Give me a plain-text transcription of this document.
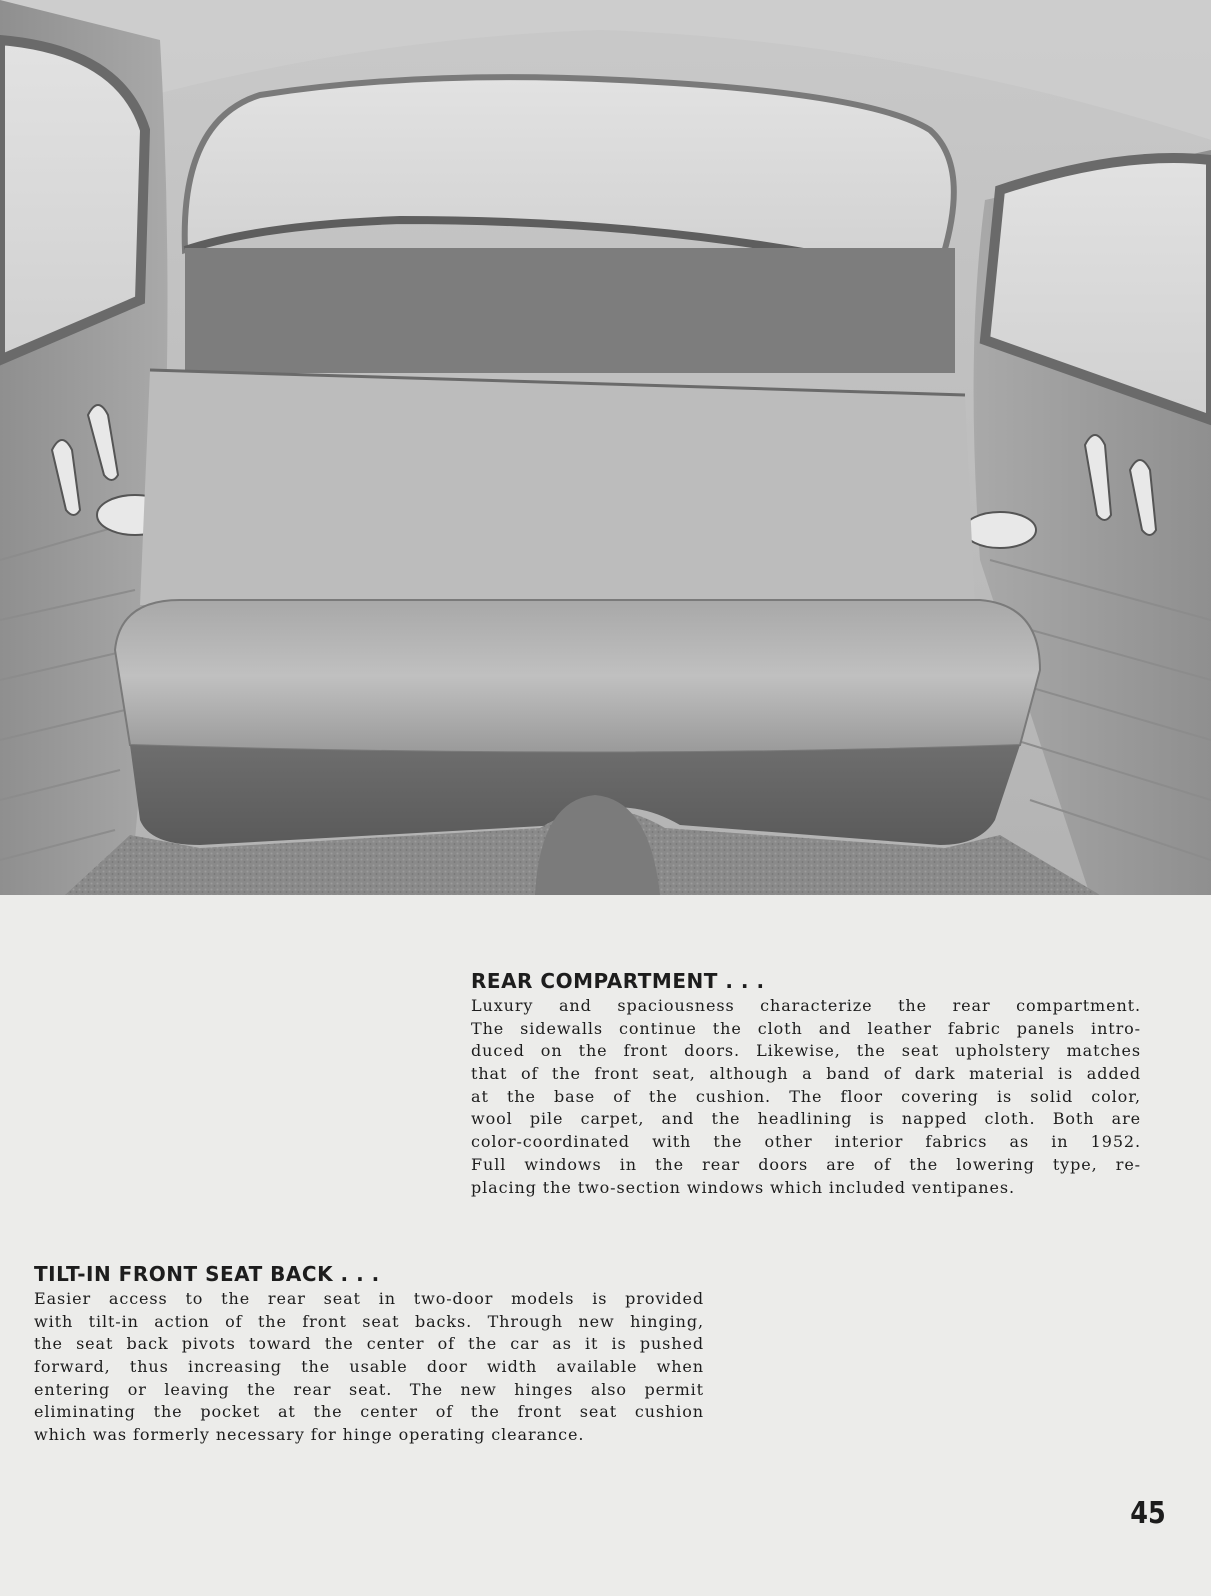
REAR COMPARTMENT . . .

Luxury and spaciousness characterize the rear compartment.
The sidewalls continue the cloth and leather fabric panels intro-
duced on the front doors. Likewise, the seat upholstery matches
that of the front seat, although a band of dark material is added
at the base of the cushion. The floor covering is solid color,
wool pile carpet, and the headlining is napped cloth. Both are
color-coordinated with the other interior fabrics as in 1952.
Full windows in the rear doors are of the lowering type, re-
placing the two-section windows which included ventipanes.

TILT-IN FRONT SEAT BACK . . .

Easier access to the rear seat in two-door models is provided
with tilt-in action of the front seat backs. Through new hinging,
the seat back pivots toward the center of the car as it is pushed
forward, thus increasing the usable door width available when
entering or leaving the rear seat. The new hinges also permit
eliminating the pocket at the center of the front seat cushion
which was formerly necessary for hinge operating clearance.

45
